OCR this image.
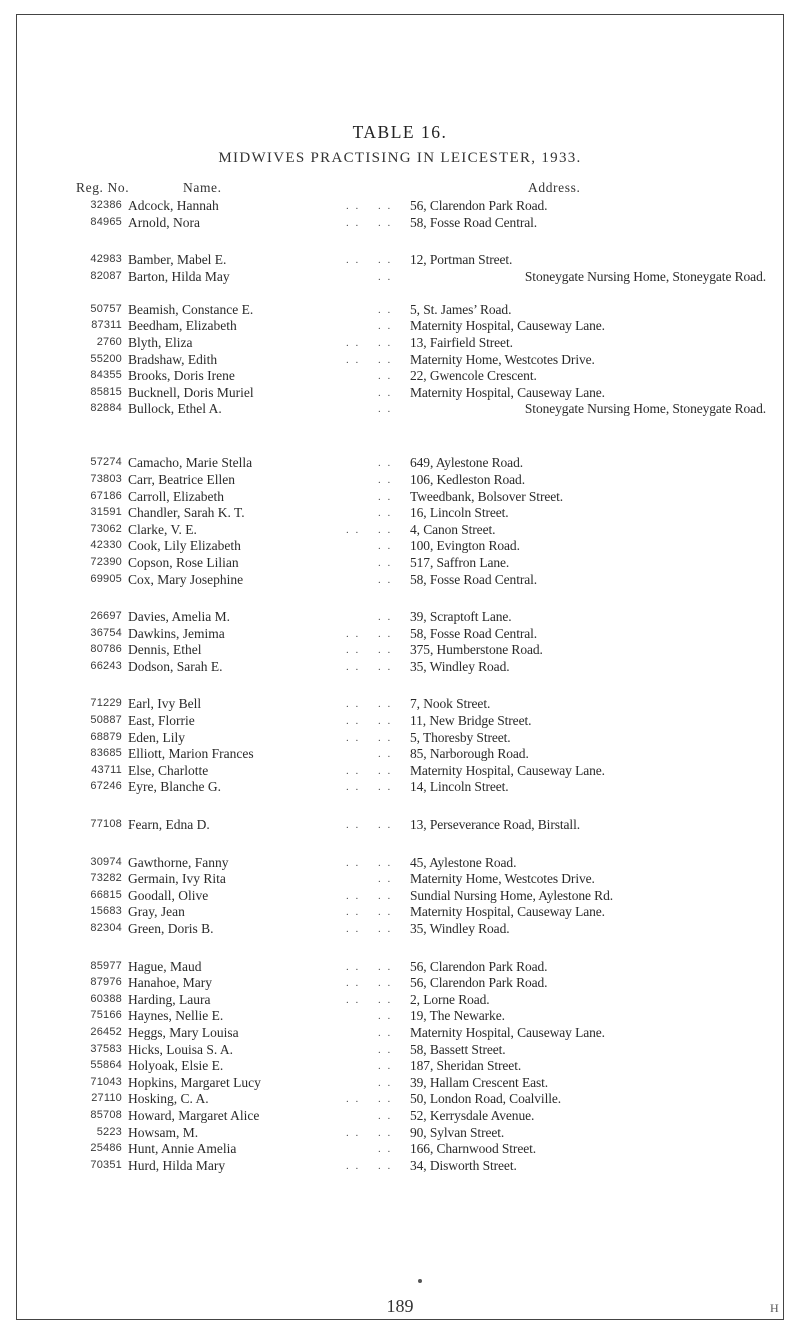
TABLE 16.
MIDWIVES PRACTISING IN LEICESTER, 1933.
Reg. No.	Name.	Address.
32386 Adcock, Hannah	. . . . 56, Clarendon Park Road.
84965 Arnold, Nora	. . . . 58, Fosse Road Central.
42983 Bamber, Mabel E.	. . . . 12, Portman Street.
82087 Barton, Hilda May	. .	Stoneygate Nursing Home, Stoneygate Road.
50757 Beamish, Constance E.	. . 5, St. James’ Road.
87311 Beedham, Elizabeth	. . Maternity Hospital, Causeway Lane.
2760 Blyth, Eliza	. . . . 13, Fairfield Street.
55200 Bradshaw, Edith	. . . . Maternity Home, Westcotes Drive.
84355 Brooks, Doris Irene	. . 22, Gwencole Crescent.
85815 Bucknell, Doris Muriel	. . Maternity Hospital, Causeway Lane.
82884 Bullock, Ethel A.	. .	Stoneygate Nursing Home, Stoneygate Road.
57274 Camacho, Marie Stella	. . 649, Aylestone Road.
73803 Carr, Beatrice Ellen	. . 106, Kedleston Road.
67186 Carroll, Elizabeth	. . Tweedbank, Bolsover Street.
31591 Chandler, Sarah K. T.	. . 16, Lincoln Street.
73062 Clarke, V. E.	. . . . 4, Canon Street.
42330 Cook, Lily Elizabeth	. . 100, Evington Road.
72390 Copson, Rose Lilian	. . 517, Saffron Lane.
69905 Cox, Mary Josephine	. . 58, Fosse Road Central.
26697 Davies, Amelia M.	. . 39, Scraptoft Lane.
36754 Dawkins, Jemima	. . . . 58, Fosse Road Central.
80786 Dennis, Ethel	. . . . 375, Humberstone Road.
66243 Dodson, Sarah E.	. . . . 35, Windley Road.
71229 Earl, Ivy Bell	. . . . 7, Nook Street.
50887 East, Florrie	. . . . 11, New Bridge Street.
68879 Eden, Lily	. . . . 5, Thoresby Street.
83685 Elliott, Marion Frances	. . 85, Narborough Road.
43711 Else, Charlotte	. . . . Maternity Hospital, Causeway Lane.
67246 Eyre, Blanche G.	. . . . 14, Lincoln Street.
77108 Fearn, Edna D.	. . . . 13, Perseverance Road, Birstall.
30974 Gawthorne, Fanny	. . . . 45, Aylestone Road.
73282 Germain, Ivy Rita	. . Maternity Home, Westcotes Drive.
66815 Goodall, Olive	. . . . Sundial Nursing Home, Aylestone Rd.
15683 Gray, Jean	. . . . Maternity Hospital, Causeway Lane.
82304 Green, Doris B.	. . . . 35, Windley Road.
85977 Hague, Maud	. . . . 56, Clarendon Park Road.
87976 Hanahoe, Mary	. . . . 56, Clarendon Park Road.
60388 Harding, Laura	. . . . 2, Lorne Road.
75166 Haynes, Nellie E.	. . 19, The Newarke.
26452 Heggs, Mary Louisa	. . Maternity Hospital, Causeway Lane.
37583 Hicks, Louisa S. A.	. . 58, Bassett Street.
55864 Holyoak, Elsie E.	. . 187, Sheridan Street.
71043 Hopkins, Margaret Lucy	. . 39, Hallam Crescent East.
27110 Hosking, C. A.	. . . . 50, London Road, Coalville.
85708 Howard, Margaret Alice	. . 52, Kerrysdale Avenue.
5223 Howsam, M.	. . . . 90, Sylvan Street.
25486 Hunt, Annie Amelia	. . 166, Charnwood Street.
70351 Hurd, Hilda Mary	. . . . 34, Disworth Street.
189	H
